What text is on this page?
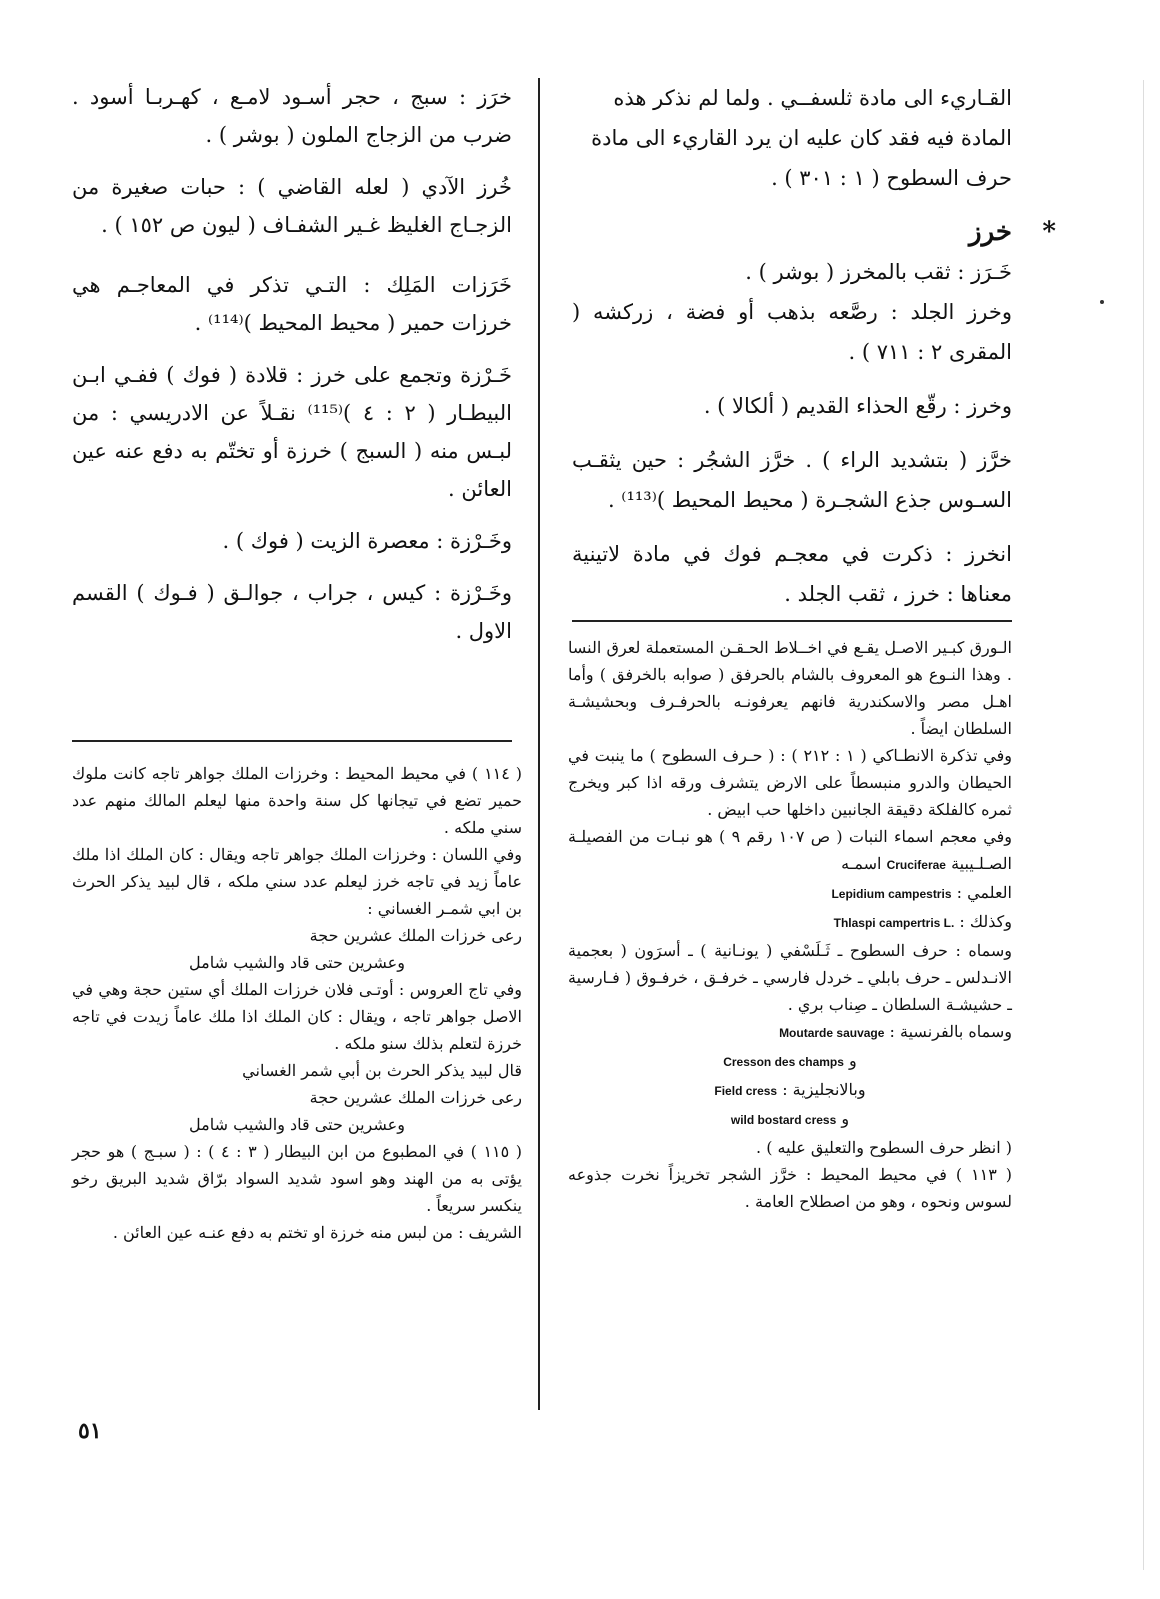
القـاريء الى مادة ثلسفــي . ولما لم نذكر هذه

المادة فيه فقد كان عليه ان يرد القاريء الى مادة

حرف السطوح ( ١ : ٣٠١ ) .

*
خرز

خَـرَز : ثقب بالمخرز ( بوشر ) .

وخرز الجلد : رصَّعه بذهب أو فضة ، زركشه ( المقرى ٢ : ٧١١ ) .

وخرز : رقّع الحذاء القديم ( ألكالا ) .

خرَّز ( بتشديد الراء ) . خرَّز الشجُر : حين يثقـب السـوس جذع الشجـرة ( محيط المحيط )⁽¹¹³⁾ .

انخرز : ذكرت في معجـم فوك في مادة لاتينية معناها : خرز ، ثقب الجلد .

خرَز : سبج ، حجر أسـود لامـع ، كهـربـا أسود . ضرب من الزجاج الملون ( بوشر ) .

خُرز الآدي ( لعله القاضي ) : حبات صغيرة من الزجـاج الغليظ غـير الشفـاف ( ليون ص ١٥٢ ) .

خَرَزات المَلِك : التـي تذكر في المعاجـم هي خرزات حمير ( محيط المحيط )⁽¹¹⁴⁾ .

خَـرْزة وتجمع على خرز : قلادة ( فوك ) ففـي ابـن البيطـار ( ٢ : ٤ )⁽¹¹⁵⁾ نقـلاً عن الادريسي : من لبـس منه ( السبج ) خرزة أو تختّم به دفع عنه عين العائن .

وخَـرْزة : معصرة الزيت ( فوك ) .

وخَـرْزة : كيس ، جراب ، جوالـق ( فـوك ) القسم الاول .

الـورق كبـير الاصـل يقـع في اخــلاط الحـقـن المستعملة لعرق النسا . وهذا النـوع هو المعروف بالشام بالحرفق ( صوابه بالخرفق ) وأما اهـل مصر والاسكندرية فانهم يعرفونـه بالحرفـرف وبحشيشـة السلطان ايضاً .

وفي تذكرة الانطـاكي ( ١ : ٢١٢ ) : ( حـرف السطوح ) ما ينبت في الحيطان والدرو منبسطاً على الارض يتشرف ورقه اذا كبر ويخرج ثمره كالفلكة دقيقة الجانبين داخلها حب ابيض .

وفي معجم اسماء النبات ( ص ١٠٧ رقم ٩ ) هو نبـات من الفصيلـة الصـلـيبية Cruciferae اسمـه

العلمي : Lepidium campestris

وكذلك : Thlaspi campertris L.

وسماه : حرف السطوح ـ ثَـلَسْفي ( يونـانية ) ـ أسرَون ( بعجمية الانـدلس ـ حرف بابلي ـ خردل فارسي ـ خرفـق ، خرفـوق ( فـارسية ـ حشيشـة السلطان ـ صِناب بري .

وسماه بالفرنسية : Moutarde sauvage

و Cresson des champs

وبالانجليزية : Field cress

و wild bostard cress

( انظر حرف السطوح والتعليق عليه ) .

( ١١٣ ) في محيط المحيط : خرَّز الشجر تخريزاً نخرت جذوعه لسوس ونحوه ، وهو من اصطلاح العامة .

( ١١٤ ) في محيط المحيط : وخرزات الملك جواهر تاجه كانت ملوك حمير تضع في تيجانها كل سنة واحدة منها ليعلم المالك منهم عدد سني ملكه .

وفي اللسان : وخرزات الملك جواهر تاجه ويقال : كان الملك اذا ملك عاماً زيد في تاجه خرز ليعلم عدد سني ملكه ، قال لبيد يذكر الحرث بن ابي شمـر الغساني :

رعى خرزات الملك عشرين حجة

وعشرين حتى قاد والشيب شامل

وفي تاج العروس : أوتـى فلان خرزات الملك أي ستين حجة وهي في الاصل جواهر تاجه ، ويقال : كان الملك اذا ملك عاماً زيدت في تاجه خرزة لتعلم بذلك سنو ملكه .

قال لبيد يذكر الحرث بن أبي شمر الغساني

رعى خرزات الملك عشرين حجة

وعشرين حتى قاد والشيب شامل

( ١١٥ ) في المطبوع من ابن البيطار ( ٣ : ٤ ) : ( سبـج ) هو حجر يؤتى به من الهند وهو اسود شديد السواد برّاق شديد البريق رخو ينكسر سريعاً .

الشريف : من لبس منه خرزة او تختم به دفع عنـه عين العائن .

٥١
